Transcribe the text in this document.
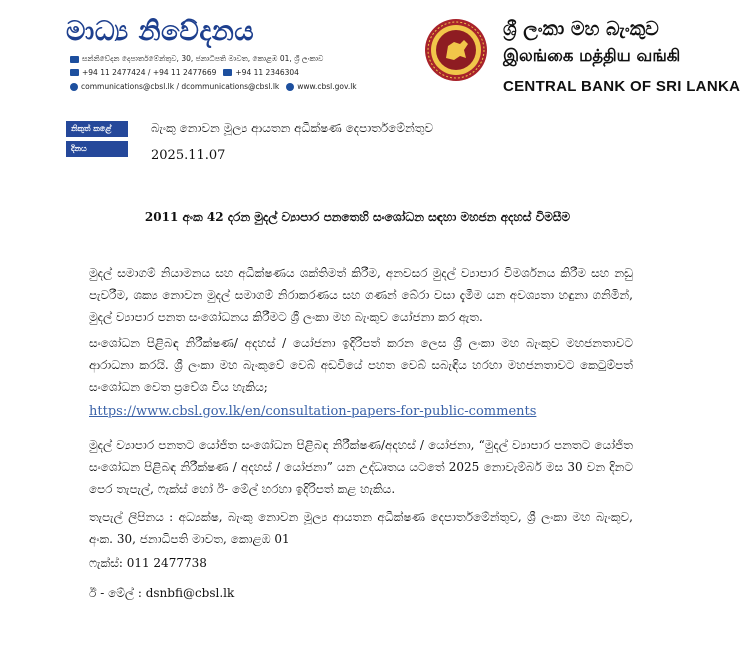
මාධ්‍ය නිවේදනය
සන්නිවේදන දෙපාර්තමේන්තුව, 30, ජනාධිපති මාවත, කොළඹ 01, ශ්‍රී ලංකාව
+94 11 2477424 / +94 11 2477669	+94 11 2346304
communications@cbsl.lk / dcommunications@cbsl.lk www.cbsl.gov.lk
ශ්‍රී ලංකා මහ බැංකුව
இலங்கை மத்திய வங்கி
CENTRAL BANK OF SRI LANKA
නිකුත් කළේ	බැංකු නොවන මූල්‍ය ආයතන අධීක්ෂණ දෙපාර්තමේන්තුව
දිනය	2025.11.07
2011 අංක 42 දරන මුදල් ව්‍යාපාර පනතෙහි සංශෝධන සඳහා මහජන අදහස් විමසීම
මුදල් සමාගම් නියාමනය සහ අධීක්ෂණය ශක්තිමත් කිරීම, අනවසර මුදල් ව්‍යාපාර විමර්ශනය කිරීම සහ නඩු පැවරීම, ශක්‍ය නොවන මුදල් සමාගම් නිරාකරණය සහ ගණන් බේරා වසා දැමීම යන අවශ්‍යතා හඳුනා ගනිමින්, මුදල් ව්‍යාපාර පනත සංශෝධනය කිරීමට ශ්‍රී ලංකා මහ බැංකුව යෝජනා කර ඇත.
සංශෝධන පිළිබඳ නිරීක්ෂණ/ අදහස් / යෝජනා ඉදිරිපත් කරන ලෙස ශ්‍රී ලංකා මහ බැංකුව මහජනතාවට ආරාධනා කරයි. ශ්‍රී ලංකා මහ බැංකුවේ වෙබ් අඩවියේ පහත වෙබ් සබැඳිය හරහා මහජනතාවට කෙටුම්පත් සංශෝධන වෙත ප්‍රවේශ විය හැකිය;
https://www.cbsl.gov.lk/en/consultation-papers-for-public-comments
මුදල් ව්‍යාපාර පනතට යෝජිත සංශෝධන පිළිබඳ නිරීක්ෂණ/අදහස් / යෝජනා, “මුදල් ව්‍යාපාර පනතට යෝජිත සංශෝධන පිළිබඳ නිරීක්ෂණ / අදහස් / යෝජනා” යන උද්ධෘතය යටතේ 2025 නොවැම්බර් මස 30 වන දිනට පෙර තැපැල්, ෆැක්ස් හෝ ඊ- මේල් හරහා ඉදිරිපත් කළ හැකිය.
තැපැල් ලිපිනය : අධ්‍යක්ෂ, බැංකු නොවන මූල්‍ය ආයතන අධීක්ෂණ දෙපාර්තමේන්තුව, ශ්‍රී ලංකා මහ බැංකුව, අංක. 30, ජනාධිපති මාවත, කොළඹ 01
ෆැක්ස්: 011 2477738
ඊ - මේල් : dsnbfi@cbsl.lk
